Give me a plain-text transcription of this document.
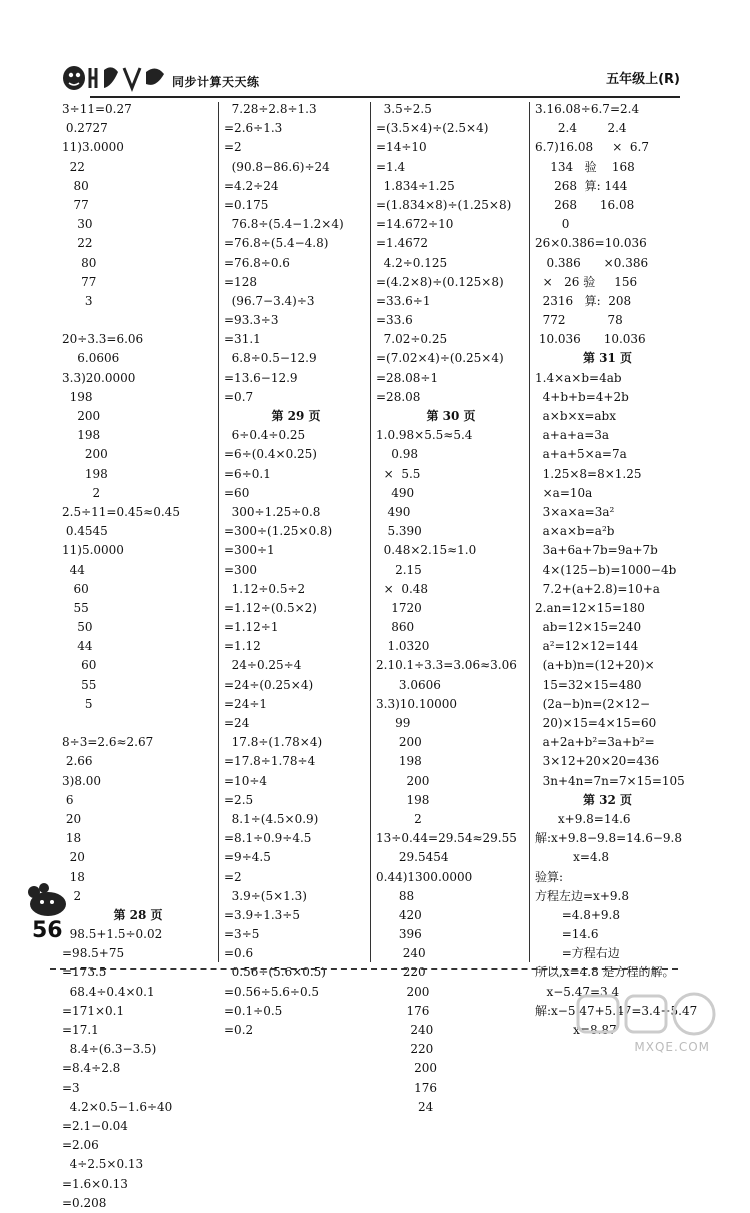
同步计算天天练	五年级上(R)
3÷11=0.27
0.2727
11)3.0000
22
80
77
30
22
80
77
3
20÷3.3=6.06
6.0606
3.3)20.0000
198
200
198
200
198
2
2.5÷11=0.45≈0.45
0.4545
11)5.0000
44
60
55
50
44
60
55
5
8÷3=2.6≈2.67
2.66
3)8.00
6
20
18
20
18
2
第 28 页
98.5+1.5÷0.02
=98.5+75
=173.5
68.4÷0.4×0.1
=171×0.1
=17.1
8.4÷(6.3−3.5)
=8.4÷2.8
=3
4.2×0.5−1.6÷40
=2.1−0.04
=2.06
4÷2.5×0.13
=1.6×0.13
=0.208
7.28÷2.8÷1.3
=2.6÷1.3
=2
(90.8−86.6)÷24
=4.2÷24
=0.175
76.8÷(5.4−1.2×4)
=76.8÷(5.4−4.8)
=76.8÷0.6
=128
(96.7−3.4)÷3
=93.3÷3
=31.1
6.8÷0.5−12.9
=13.6−12.9
=0.7
第 29 页
6÷0.4÷0.25
=6÷(0.4×0.25)
=6÷0.1
=60
300÷1.25÷0.8
=300÷(1.25×0.8)
=300÷1
=300
1.12÷0.5÷2
=1.12÷(0.5×2)
=1.12÷1
=1.12
24÷0.25÷4
=24÷(0.25×4)
=24÷1
=24
17.8÷(1.78×4)
=17.8÷1.78÷4
=10÷4
=2.5
8.1÷(4.5×0.9)
=8.1÷0.9÷4.5
=9÷4.5
=2
3.9÷(5×1.3)
=3.9÷1.3÷5
=3÷5
=0.6
0.56÷(5.6×0.5)
=0.56÷5.6÷0.5
=0.1÷0.5
=0.2
3.5÷2.5
=(3.5×4)÷(2.5×4)
=14÷10
=1.4
1.834÷1.25
=(1.834×8)÷(1.25×8)
=14.672÷10
=1.4672
4.2÷0.125
=(4.2×8)÷(0.125×8)
=33.6÷1
=33.6
7.02÷0.25
=(7.02×4)÷(0.25×4)
=28.08÷1
=28.08
第 30 页
1.0.98×5.5≈5.4
0.98
×  5.5
490
490
5.390
0.48×2.15≈1.0
2.15
×  0.48
1720
860
1.0320
2.10.1÷3.3=3.06≈3.06
3.0606
3.3)10.10000
99
200
198
200
198
2
13÷0.44=29.54≈29.55
29.5454
0.44)1300.0000
88
420
396
240
220
200
176
240
220
200
176
24
3.16.08÷6.7=2.4
2.4        2.4
6.7)16.08     ×  6.7
134   验    168
268  算: 144
268      16.08
0
26×0.386=10.036
0.386      ×0.386
×   26 验     156
2316   算:  208
772           78
10.036      10.036
第 31 页
1.4×a×b=4ab
4+b+b=4+2b
a×b×x=abx
a+a+a=3a
a+a+5×a=7a
1.25×8=8×1.25
×a=10a
3×a×a=3a²
a×a×b=a²b
3a+6a+7b=9a+7b
4×(125−b)=1000−4b
7.2+(a+2.8)=10+a
2.an=12×15=180
ab=12×15=240
a²=12×12=144
(a+b)n=(12+20)×
15=32×15=480
(2a−b)n=(2×12−
20)×15=4×15=60
a+2a+b²=3a+b²=
3×12+20×20=436
3n+4n=7n=7×15=105
第 32 页
x+9.8=14.6
解:x+9.8−9.8=14.6−9.8
x=4.8
验算:
方程左边=x+9.8
=4.8+9.8
=14.6
=方程右边
所以,x=4.8 是方程的解。
x−5.47=3.4
解:x−5.47+5.47=3.4+5.47
x=8.87
56
MXQE.COM
